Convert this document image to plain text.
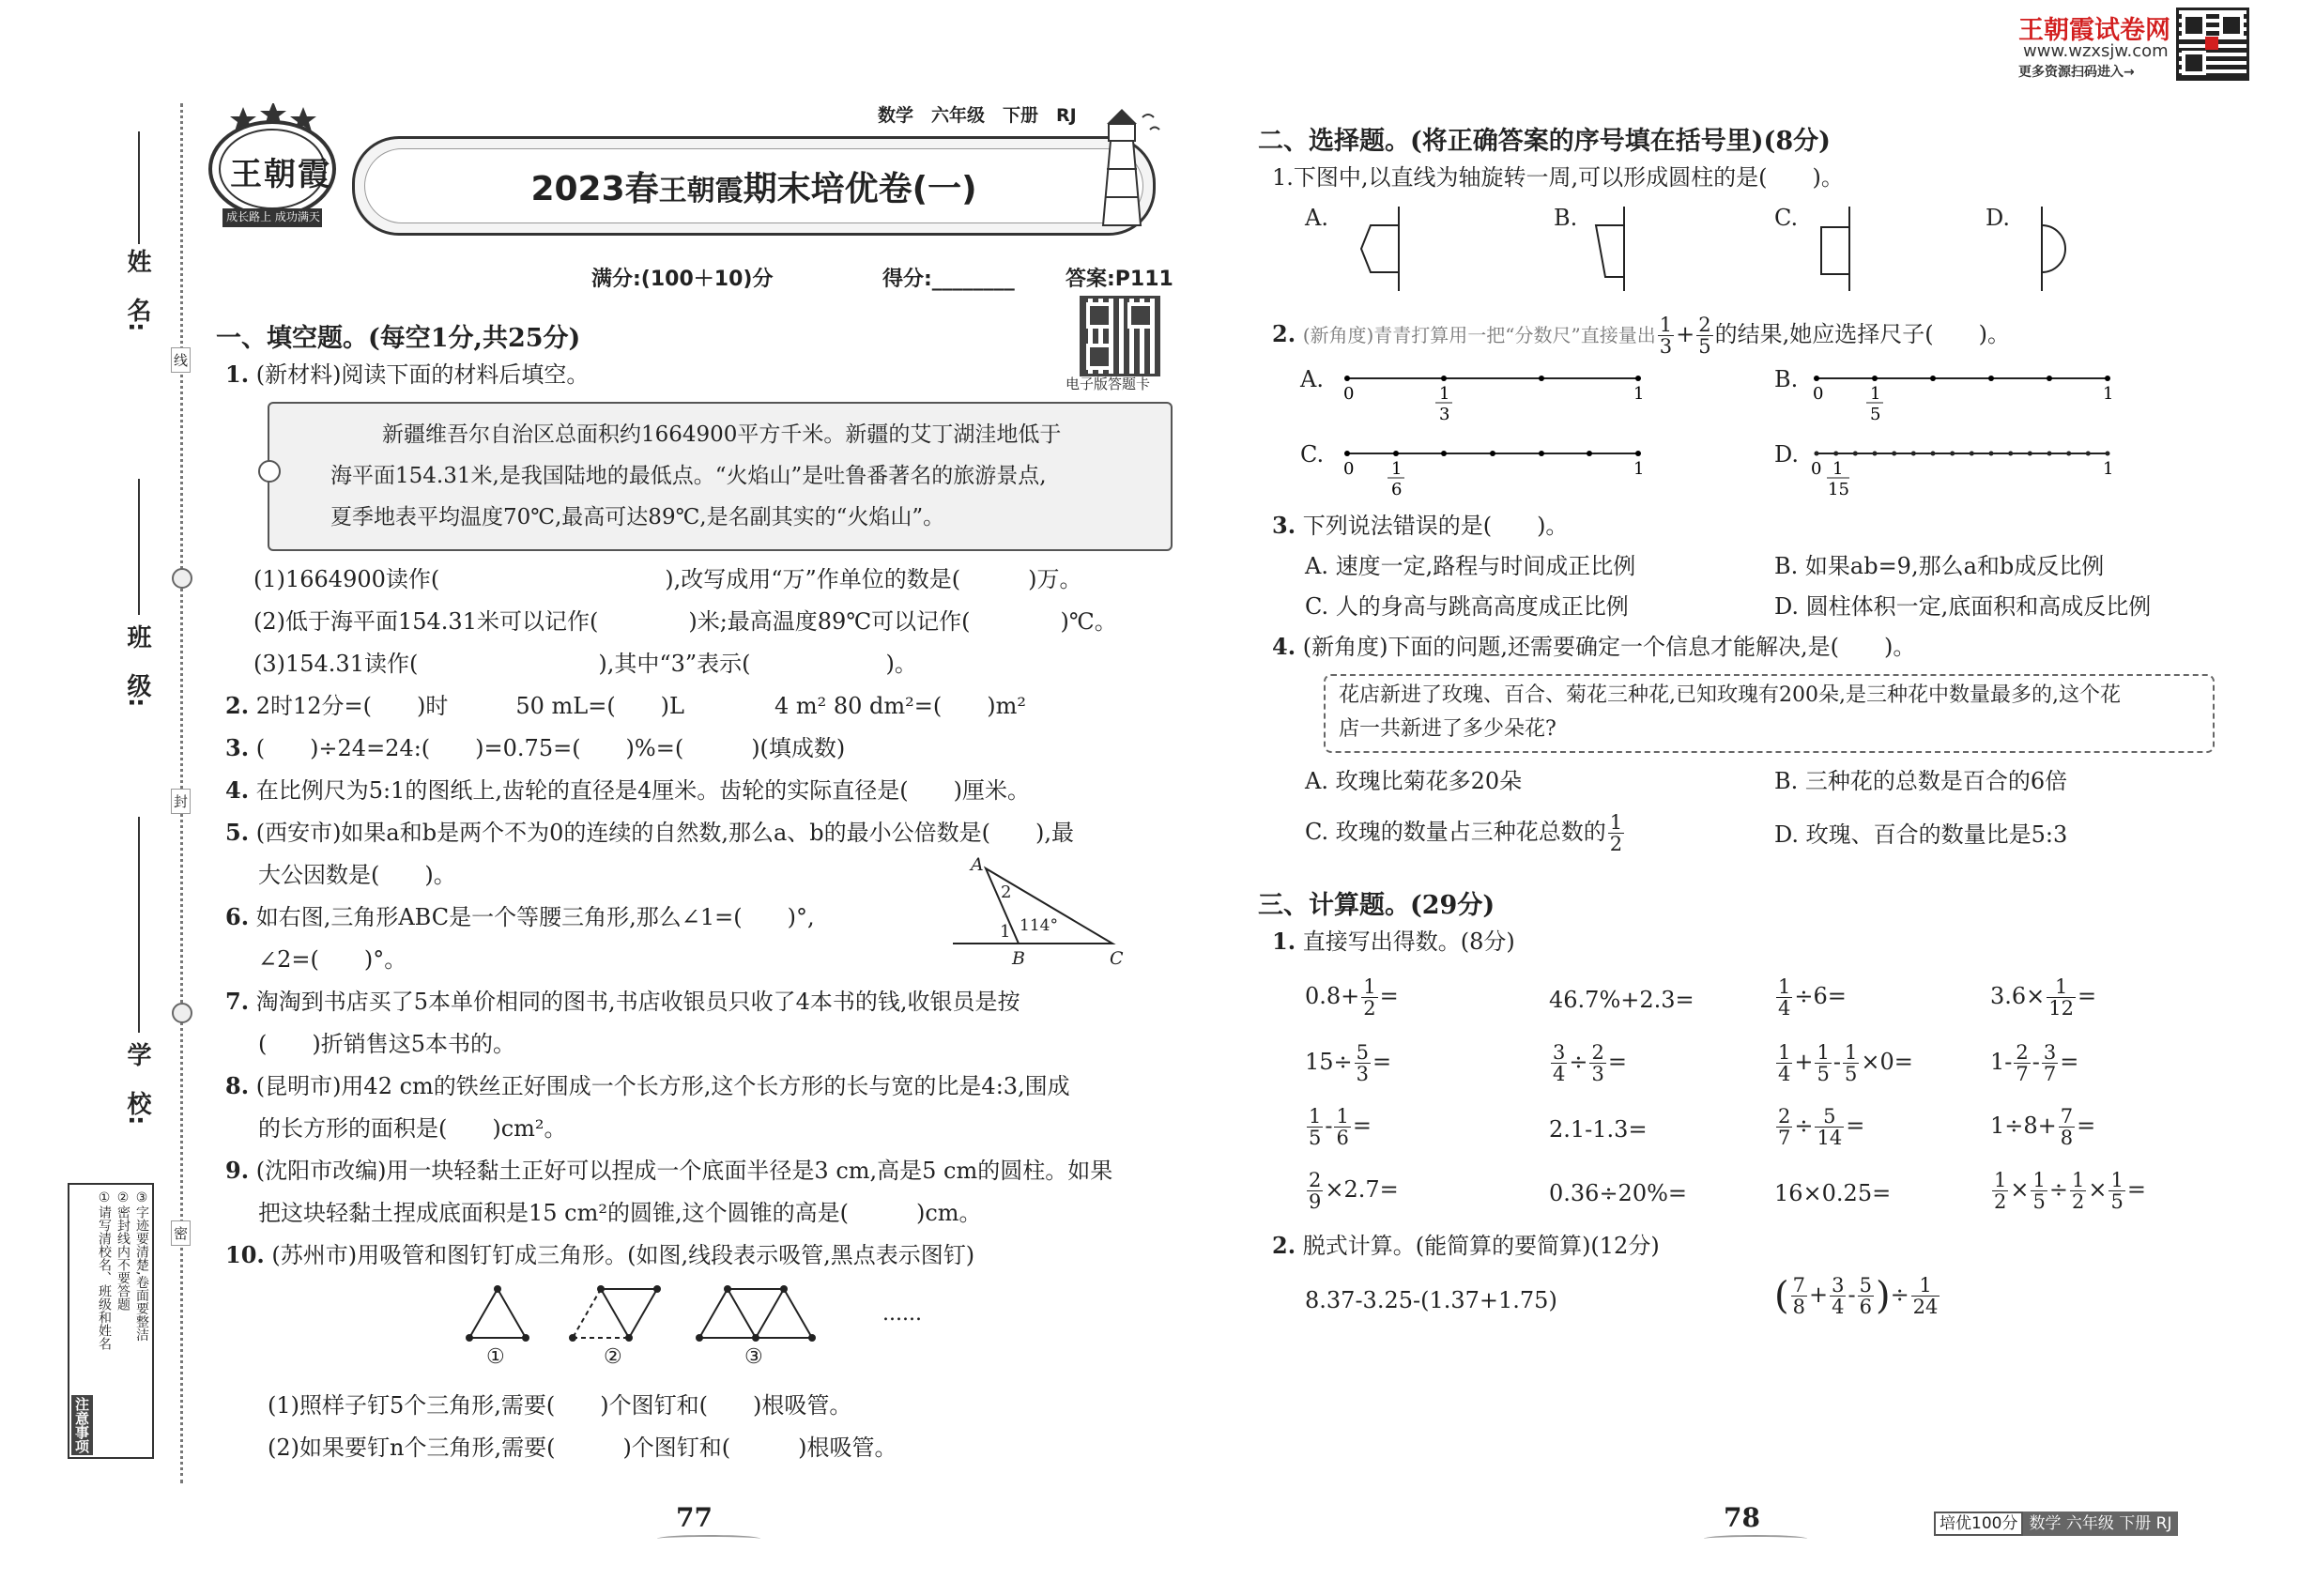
姓　名:
班　级:
学　校:
线
封
密
注意事项
①请写清校名、班级和姓名 ②密封线内不要答题 ③字迹要清楚,卷面要整洁
王朝霞
成长路上 成功满天
2023春王朝霞期末培优卷(一)
数学　六年级　下册　RJ
满分:(100＋10)分	得分:________ 答案:P111
电子版答题卡
一、填空题。(每空1分,共25分)
1. (新材料)阅读下面的材料后填空。
新疆维吾尔自治区总面积约1664900平方千米。新疆的艾丁湖洼地低于
海平面154.31米,是我国陆地的最低点。“火焰山”是吐鲁番著名的旅游景点,
夏季地表平均温度70℃,最高可达89℃,是名副其实的“火焰山”。
(1)1664900读作(　　　　　　　　　　),改写成用“万”作单位的数是(　　　)万。
(2)低于海平面154.31米可以记作(　　　　)米;最高温度89℃可以记作(　　　　)℃。
(3)154.31读作(　　　　　　　　),其中“3”表示(　　　　　　)。
2. 2时12分=(　　)时　　　50 mL=(　　)L　　　　4 m² 80 dm²=(　　)m²
3. (　　)÷24=24:(　　)=0.75=(　　)%=(　　　)(填成数)
4. 在比例尺为5:1的图纸上,齿轮的直径是4厘米。齿轮的实际直径是(　　)厘米。
5. (西安市)如果a和b是两个不为0的连续的自然数,那么a、b的最小公倍数是(　　),最
大公因数是(　　)。
6. 如右图,三角形ABC是一个等腰三角形,那么∠1=(　　)°,
∠2=(　　)°。
A
B	C
1
2
114°
7. 淘淘到书店买了5本单价相同的图书,书店收银员只收了4本书的钱,收银员是按
(　　)折销售这5本书的。
8. (昆明市)用42 cm的铁丝正好围成一个长方形,这个长方形的长与宽的比是4:3,围成
的长方形的面积是(　　)cm²。
9. (沈阳市改编)用一块轻黏土正好可以捏成一个底面半径是3 cm,高是5 cm的圆柱。如果
把这块轻黏土捏成底面积是15 cm²的圆锥,这个圆锥的高是(　　　)cm。
10. (苏州市)用吸管和图钉钉成三角形。(如图,线段表示吸管,黑点表示图钉)
①	②	③
......
(1)照样子钉5个三角形,需要(　　)个图钉和(　　)根吸管。
(2)如果要钉n个三角形,需要(　　　)个图钉和(　　　)根吸管。
二、选择题。(将正确答案的序号填在括号里)(8分)
1.下图中,以直线为轴旋转一周,可以形成圆柱的是(　　)。
A.	B.	C.	D.
2. (新角度)青青打算用一把“分数尺”直接量出 $\frac{1}{3} + \frac{2}{5}$ 的结果,她应选择尺子(　　)。
A.
0	1
3
1
B.
0	1
5
1
C.
0 1
6
1
D.
0 1
15
1
3. 下列说法错误的是(　　)。
A. 速度一定,路程与时间成正比例	B. 如果ab=9,那么a和b成反比例
C. 人的身高与跳高高度成正比例	D. 圆柱体积一定,底面积和高成反比例
4. (新角度)下面的问题,还需要确定一个信息才能解决,是(　　)。
花店新进了玫瑰、百合、菊花三种花,已知玫瑰有200朵,是三种花中数量最多的,这个花
店一共新进了多少朵花?
A. 玫瑰比菊花多20朵	B. 三种花的总数是百合的6倍
C. 玫瑰的数量占三种花总数的 $\frac{1}{2}$	D. 玫瑰、百合的数量比是5:3
三、计算题。(29分)
1. 直接写出得数。(8分)
$0.8+ \frac{1}{2}$ =	46.7%+2.3=	$\frac{1}{4} \div 6=$	$3.6\times \frac{1}{12}$ =
$15\div \frac{5}{3}$ =	$\frac{3}{4} \div \frac{2}{3}$ =	$\frac{1}{4} + \frac{1}{5} - \frac{1}{5} \times 0=$	$1- \frac{2}{7} - \frac{3}{7}$ =
$\frac{1}{5} - \frac{1}{6}$ =	2.1-1.3=	$\frac{2}{7} \div \frac{5}{14}$ =	$1\div 8+ \frac{7}{8}$ =
$\frac{2}{9} \times 2.7=$	0.36÷20%=	16×0.25=	$\frac{1}{2} \times \frac{1}{5} \div \frac{1}{2} \times \frac{1}{5}$ =
2. 脱式计算。(能简算的要简算)(12分)
8.37-3.25-(1.37+1.75)	( $\frac{7}{8} + \frac{3}{4} - \frac{5}{6}$ )÷ $\frac{1}{24}$
王朝霞试卷网
www.wzxsjw.com
更多资源扫码进入→
77	78	培优100分 数学 六年级 下册 RJ
